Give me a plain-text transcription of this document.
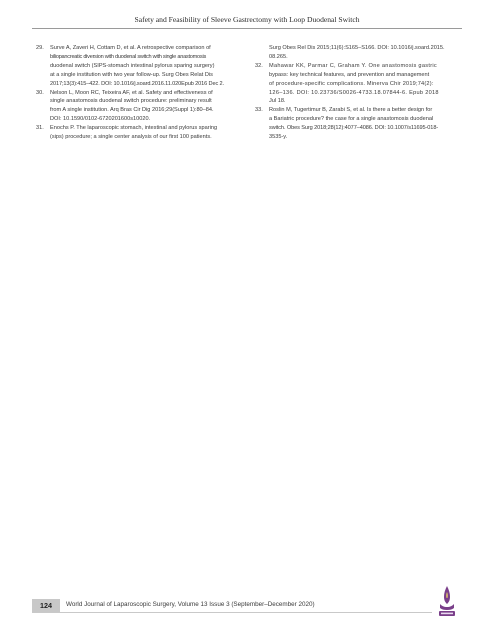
Safety and Feasibility of Sleeve Gastrectomy with Loop Duodenal Switch
29. Surve A, Zaveri H, Cottam D, et al. A retrospective comparison of
biliopancreatic diversion with duodenal switch with single anastomosis
duodenal switch (SIPS-stomach intestinal pylorus sparing surgery)
at a single institution with two year follow-up. Surg Obes Relat Dis
2017;13(3):415–422. DOI: 10.1016/j.soard.2016.11.020Epub 2016 Dec 2.
30. Nelson L, Moon RC, Teixeira AF, et al. Safety and effectiveness of
single anastomosis duodenal switch procedure: preliminary result
from A single institution. Arq Bras Cir Dig 2016;29(Suppl 1):80–84.
DOI: 10.1590/0102-6720201600s10020.
31. Enochs P. The laparoscopic stomach, intestinal and pylorus sparing
(sips) procedure; a single center analysis of our first 100 patients.
Surg Obes Rel Dis 2015;11(6):S165–S166. DOI: 10.1016/j.soard.2015.
08.265.
32. Mahawar KK, Parmar C, Graham Y. One anastomosis gastric
bypass: key technical features, and prevention and management
of procedure-specific complications. Minerva Chir 2019;74(2):
126–136. DOI: 10.23736/S0026-4733.18.07844-6. Epub 2018
Jul 18.
33. Roslin M, Tugertimur B, Zarabi S, et al. Is there a better design for
a Bariatric procedure? the case for a single anastomosis duodenal
switch. Obes Surg 2018;28(12):4077–4086. DOI: 10.1007/s11695-018-
3535-y.
124	World Journal of Laparoscopic Surgery, Volume 13 Issue 3 (September–December 2020)
